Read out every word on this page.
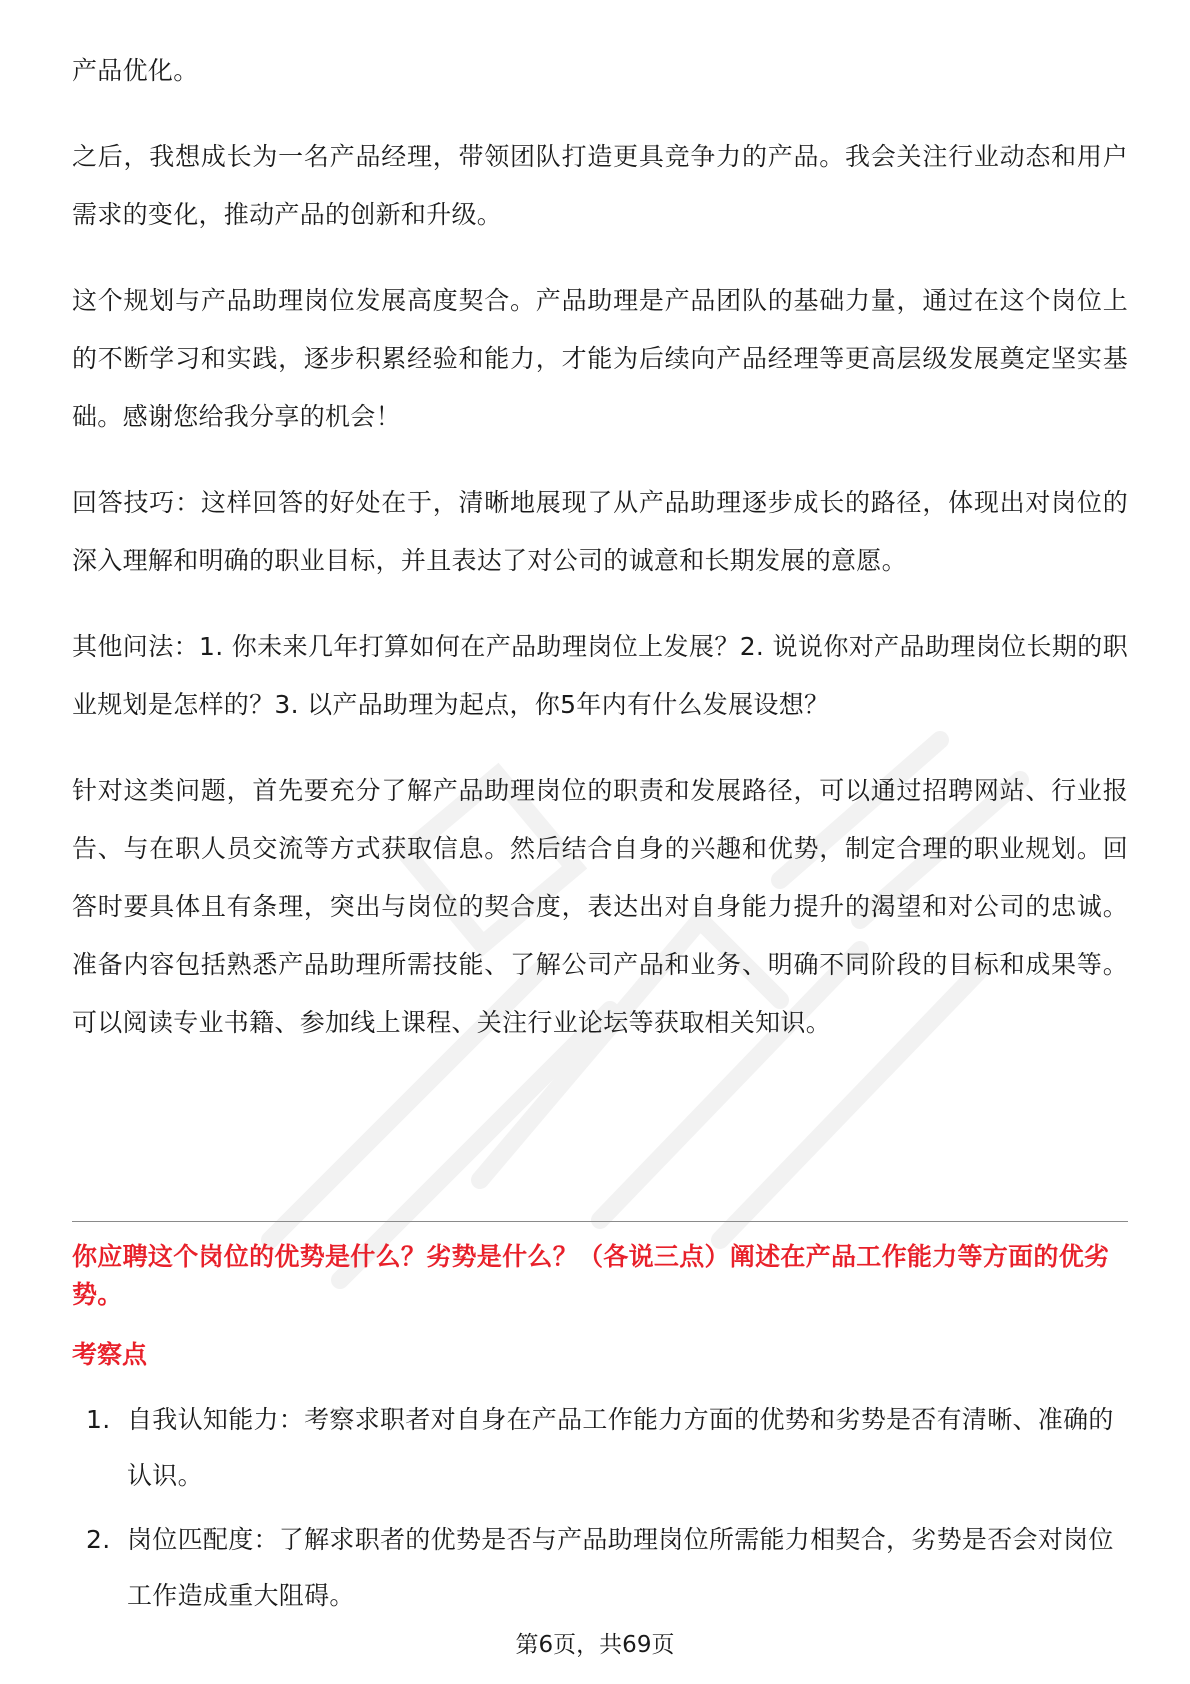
产品优化。

之后，我想成长为一名产品经理，带领团队打造更具竞争力的产品。我会关注行业动态和用户需求的变化，推动产品的创新和升级。

这个规划与产品助理岗位发展高度契合。产品助理是产品团队的基础力量，通过在这个岗位上的不断学习和实践，逐步积累经验和能力，才能为后续向产品经理等更高层级发展奠定坚实基础。感谢您给我分享的机会！

回答技巧：这样回答的好处在于，清晰地展现了从产品助理逐步成长的路径，体现出对岗位的深入理解和明确的职业目标，并且表达了对公司的诚意和长期发展的意愿。

其他问法：1. 你未来几年打算如何在产品助理岗位上发展？2. 说说你对产品助理岗位长期的职业规划是怎样的？3. 以产品助理为起点，你5年内有什么发展设想？

针对这类问题，首先要充分了解产品助理岗位的职责和发展路径，可以通过招聘网站、行业报告、与在职人员交流等方式获取信息。然后结合自身的兴趣和优势，制定合理的职业规划。回答时要具体且有条理，突出与岗位的契合度，表达出对自身能力提升的渴望和对公司的忠诚。准备内容包括熟悉产品助理所需技能、了解公司产品和业务、明确不同阶段的目标和成果等。可以阅读专业书籍、参加线上课程、关注行业论坛等获取相关知识。

你应聘这个岗位的优势是什么？劣势是什么？（各说三点）阐述在产品工作能力等方面的优劣势。

考察点

1. 自我认知能力：考察求职者对自身在产品工作能力方面的优势和劣势是否有清晰、准确的认识。
2. 岗位匹配度：了解求职者的优势是否与产品助理岗位所需能力相契合，劣势是否会对岗位工作造成重大阻碍。
第6页，共69页
